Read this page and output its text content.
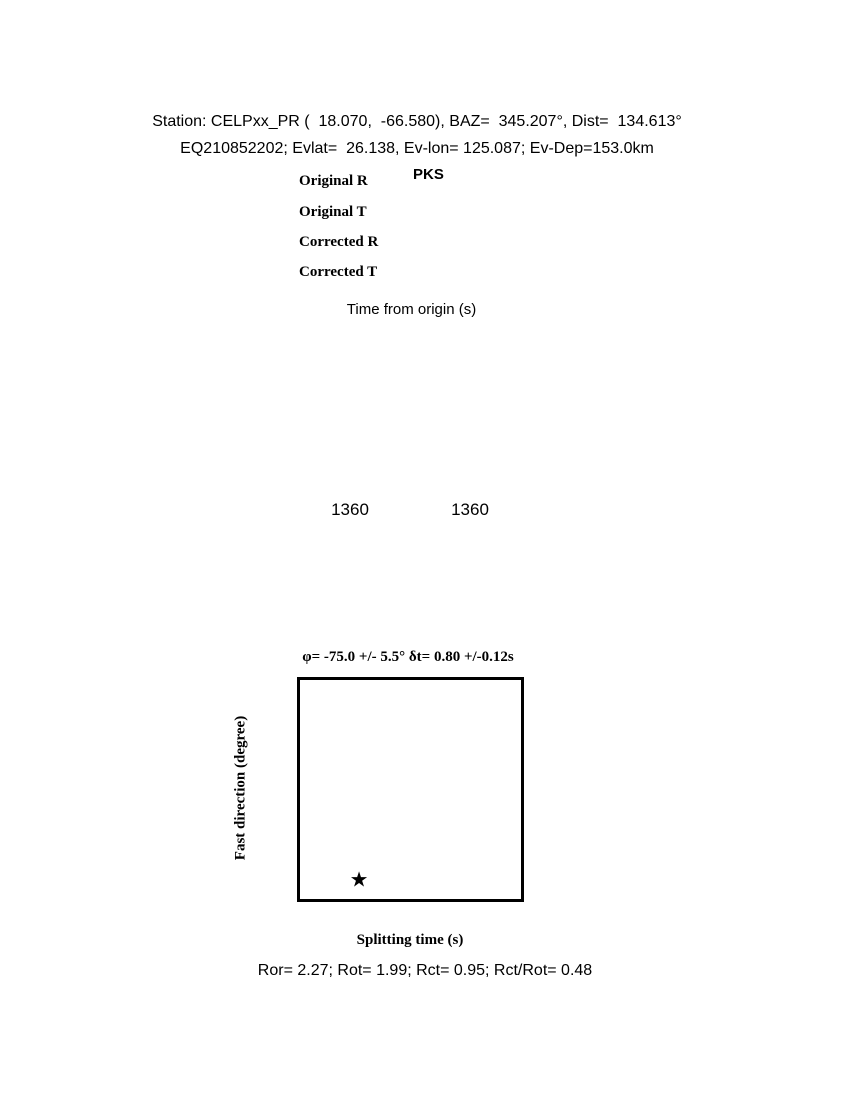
Station: CELPxx_PR (  18.070,  -66.580), BAZ=  345.207°, Dist=  134.613°
EQ210852202; Evlat=  26.138, Ev-lon= 125.087; Ev-Dep=153.0km
Original R
Original T
Corrected R
Corrected T
PKS
Time from origin (s)
1360	1360
φ= -75.0 +/- 5.5° δt= 0.80 +/-0.12s
Fast direction (degree)
Splitting time (s)
★
Ror= 2.27; Rot= 1.99; Rct= 0.95; Rct/Rot= 0.48
